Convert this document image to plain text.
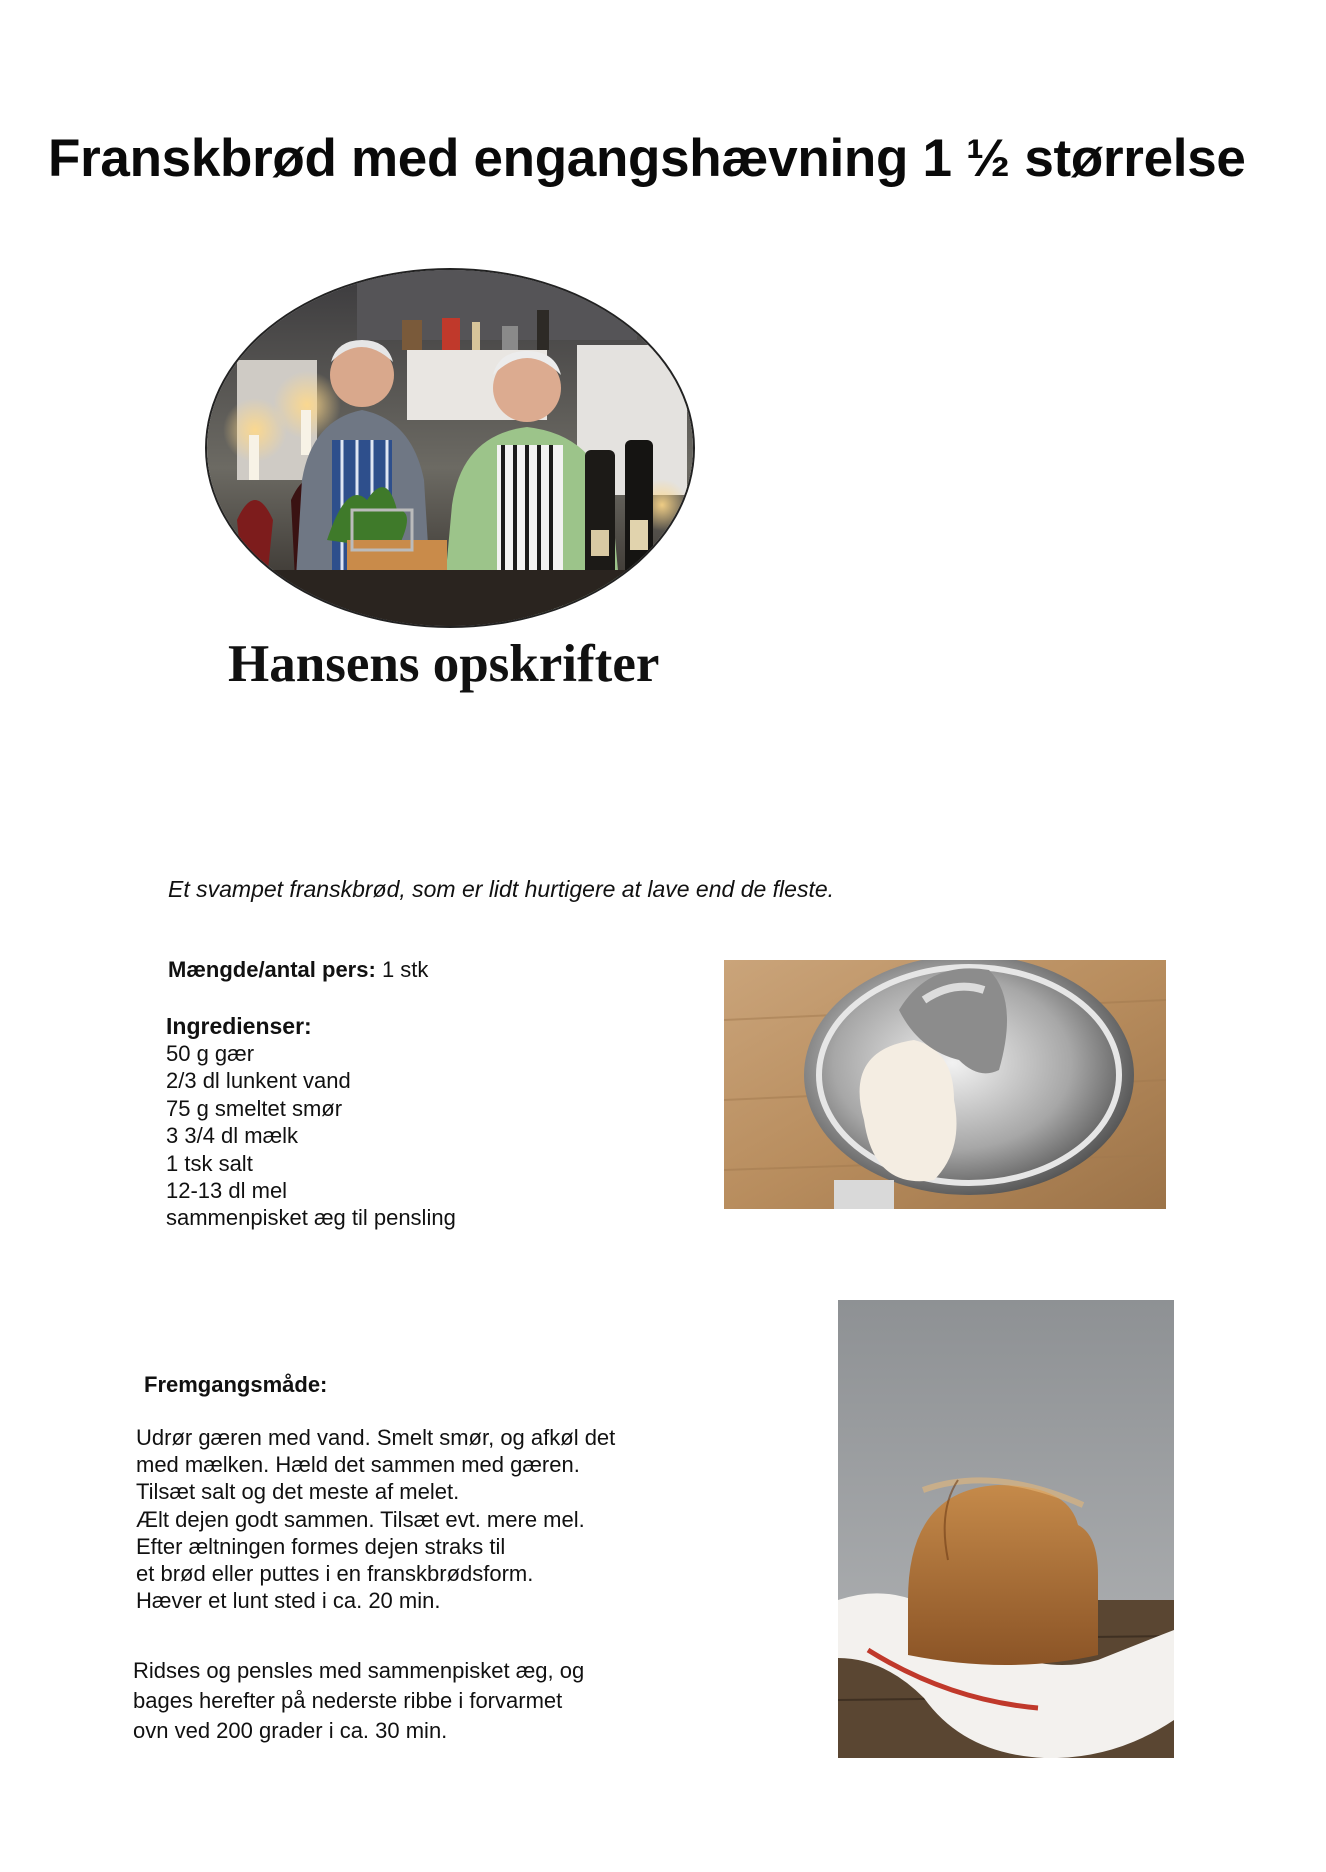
Franskbrød med engangshævning 1 ½ størrelse
Hansens opskrifter

Et svampet franskbrød, som er lidt hurtigere at lave end de fleste.

Mængde/antal pers: 1 stk
Ingredienser:
50 g gær
2/3 dl lunkent vand
75 g smeltet smør
3 3/4 dl mælk
1 tsk salt
12-13 dl mel
sammenpisket æg til pensling
Fremgangsmåde:
Udrør gæren med vand. Smelt smør, og afkøl det
med mælken. Hæld det sammen med gæren.
Tilsæt salt og det meste af melet.
Ælt dejen godt sammen. Tilsæt evt. mere mel.
Efter æltningen formes dejen straks til
et brød eller puttes i en franskbrødsform.
Hæver et lunt sted i ca. 20 min.
Ridses og pensles med sammenpisket æg, og
bages herefter på nederste ribbe i forvarmet
ovn ved 200 grader i ca. 30 min.
